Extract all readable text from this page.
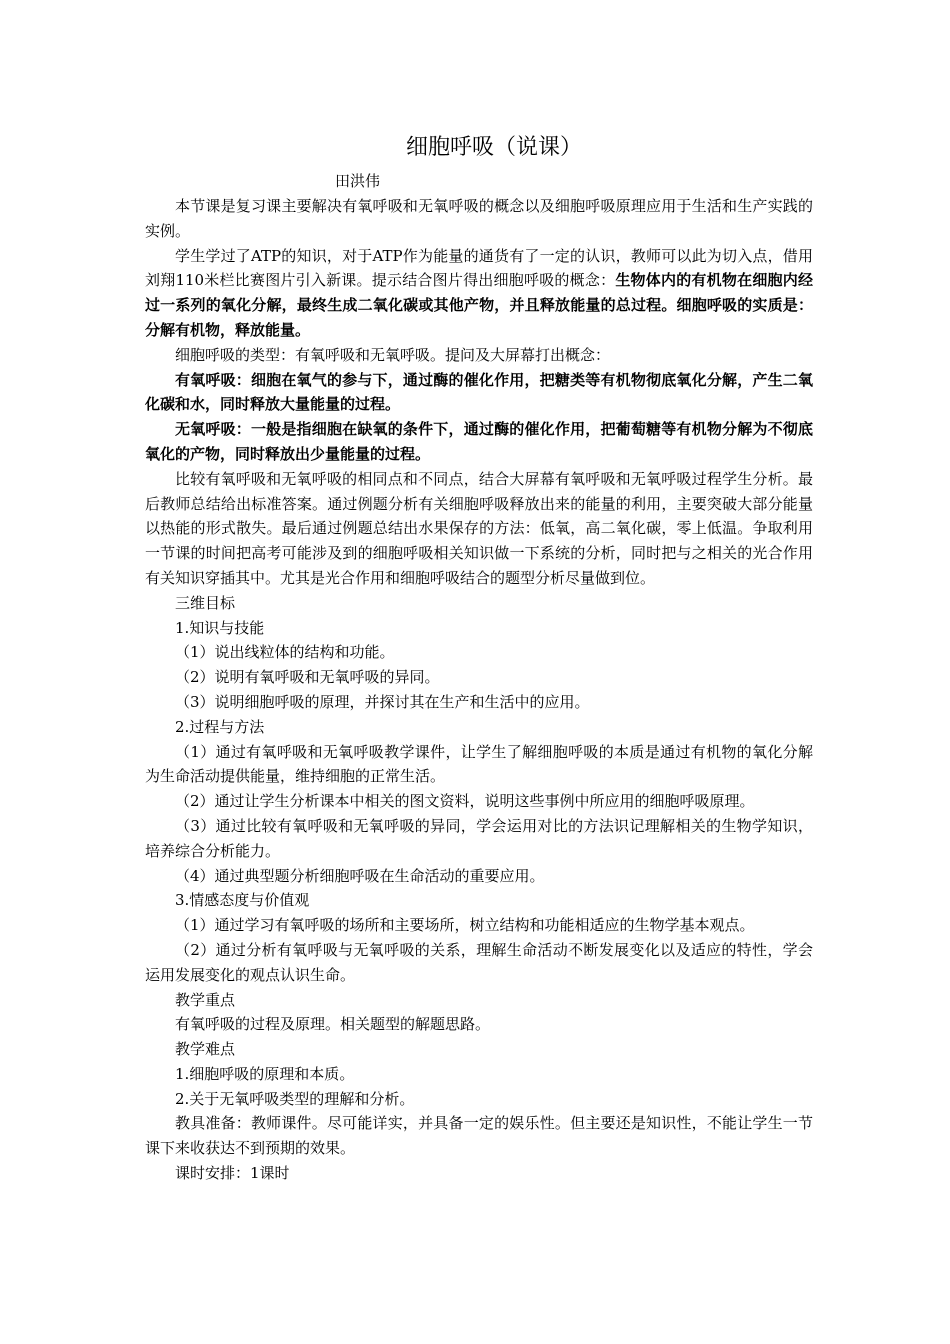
细胞呼吸（说课）
田洪伟

本节课是复习课主要解决有氧呼吸和无氧呼吸的概念以及细胞呼吸原理应用于生活和生产实践的实例。

学生学过了ATP的知识，对于ATP作为能量的通货有了一定的认识，教师可以此为切入点，借用刘翔110米栏比赛图片引入新课。提示结合图片得出细胞呼吸的概念：生物体内的有机物在细胞内经过一系列的氧化分解，最终生成二氧化碳或其他产物，并且释放能量的总过程。细胞呼吸的实质是：分解有机物，释放能量。

细胞呼吸的类型：有氧呼吸和无氧呼吸。提问及大屏幕打出概念：

有氧呼吸：细胞在氧气的参与下，通过酶的催化作用，把糖类等有机物彻底氧化分解，产生二氧化碳和水，同时释放大量能量的过程。

无氧呼吸：一般是指细胞在缺氧的条件下，通过酶的催化作用，把葡萄糖等有机物分解为不彻底氧化的产物，同时释放出少量能量的过程。

比较有氧呼吸和无氧呼吸的相同点和不同点，结合大屏幕有氧呼吸和无氧呼吸过程学生分析。最后教师总结给出标准答案。通过例题分析有关细胞呼吸释放出来的能量的利用，主要突破大部分能量以热能的形式散失。最后通过例题总结出水果保存的方法：低氧，高二氧化碳，零上低温。争取利用一节课的时间把高考可能涉及到的细胞呼吸相关知识做一下系统的分析，同时把与之相关的光合作用有关知识穿插其中。尤其是光合作用和细胞呼吸结合的题型分析尽量做到位。

三维目标

1.知识与技能

（1）说出线粒体的结构和功能。

（2）说明有氧呼吸和无氧呼吸的异同。

（3）说明细胞呼吸的原理，并探讨其在生产和生活中的应用。

2.过程与方法

（1）通过有氧呼吸和无氧呼吸教学课件，让学生了解细胞呼吸的本质是通过有机物的氧化分解为生命活动提供能量，维持细胞的正常生活。

（2）通过让学生分析课本中相关的图文资料，说明这些事例中所应用的细胞呼吸原理。

（3）通过比较有氧呼吸和无氧呼吸的异同，学会运用对比的方法识记理解相关的生物学知识，培养综合分析能力。

（4）通过典型题分析细胞呼吸在生命活动的重要应用。

3.情感态度与价值观

（1）通过学习有氧呼吸的场所和主要场所，树立结构和功能相适应的生物学基本观点。

（2）通过分析有氧呼吸与无氧呼吸的关系，理解生命活动不断发展变化以及适应的特性，学会运用发展变化的观点认识生命。

教学重点

有氧呼吸的过程及原理。相关题型的解题思路。

教学难点

1.细胞呼吸的原理和本质。

2.关于无氧呼吸类型的理解和分析。

教具准备：教师课件。尽可能详实，并具备一定的娱乐性。但主要还是知识性，不能让学生一节课下来收获达不到预期的效果。

课时安排：1课时
